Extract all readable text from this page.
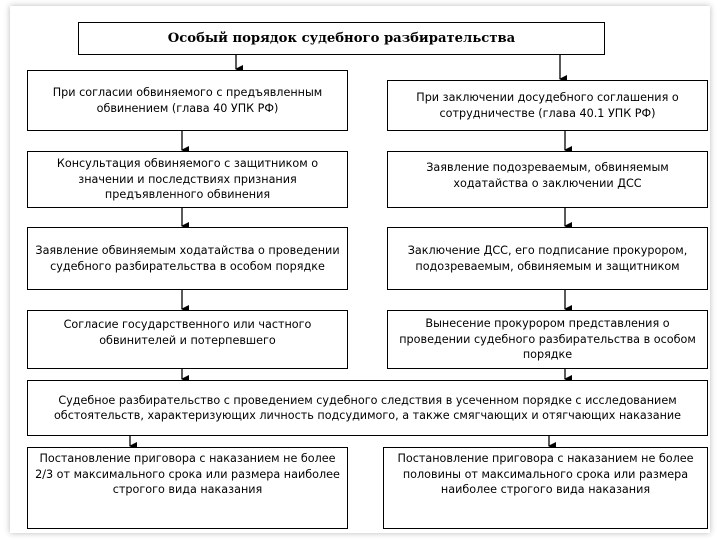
Особый порядок судебного разбирательства
При согласии обвиняемого с предъявленным обвинением (глава 40 УПК РФ)
Консультация обвиняемого с защитником о значении и последствиях признания предъявленного обвинения
Заявление обвиняемым ходатайства о проведении судебного разбирательства в особом порядке
Согласие государственного или частного обвинителей и потерпевшего
При заключении досудебного соглашения о сотрудничестве (глава 40.1 УПК РФ)
Заявление подозреваемым, обвиняемым ходатайства о заключении ДСС
Заключение ДСС, его подписание прокурором, подозреваемым, обвиняемым и защитником
Вынесение прокурором представления о проведении судебного разбирательства в особом порядке
Судебное разбирательство с проведением судебного следствия в усеченном порядке с исследованием обстоятельств, характеризующих личность подсудимого, а также смягчающих и отягчающих наказание
Постановление приговора с наказанием не более 2/3 от максимального срока или размера наиболее строгого вида наказания
Постановление приговора с наказанием не более половины от максимального срока или размера наиболее строгого вида наказания
